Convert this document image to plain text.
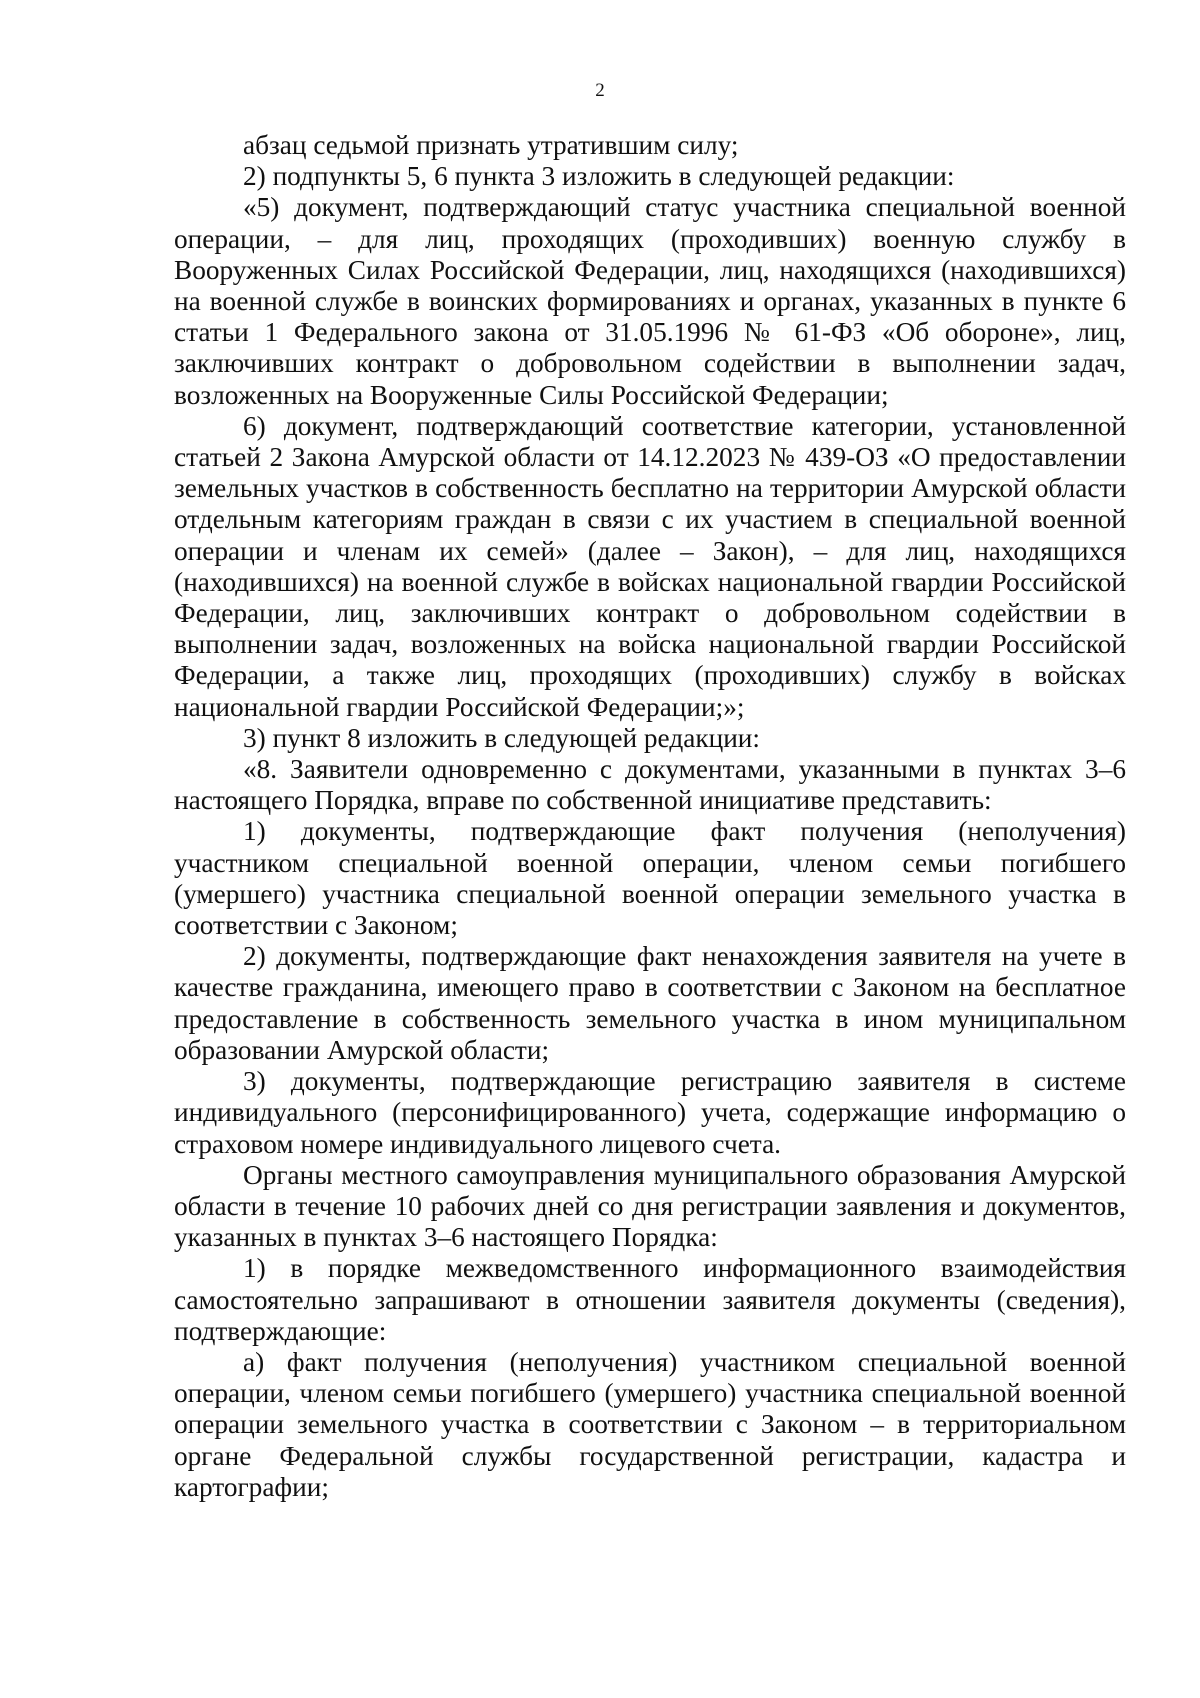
2

абзац седьмой признать утратившим силу;

2) подпункты 5, 6 пункта 3 изложить в следующей редакции:

«5) документ, подтверждающий статус участника специальной военной операции, – для лиц, проходящих (проходивших) военную службу в Вооруженных Силах Российской Федерации, лиц, находящихся (находившихся) на военной службе в воинских формированиях и органах, указанных в пункте 6 статьи 1 Федерального закона от 31.05.1996 № 61-ФЗ «Об обороне», лиц, заключивших контракт о добровольном содействии в выполнении задач, возложенных на Вооруженные Силы Российской Федерации;

6) документ, подтверждающий соответствие категории, установленной статьей 2 Закона Амурской области от 14.12.2023 № 439-ОЗ «О предоставлении земельных участков в собственность бесплатно на территории Амурской области отдельным категориям граждан в связи с их участием в специальной военной операции и членам их семей» (далее – Закон), – для лиц, находящихся (находившихся) на военной службе в войсках национальной гвардии Российской Федерации, лиц, заключивших контракт о добровольном содействии в выполнении задач, возложенных на войска национальной гвардии Российской Федерации, а также лиц, проходящих (проходивших) службу в войсках национальной гвардии Российской Федерации;»;

3) пункт 8 изложить в следующей редакции:

«8. Заявители одновременно с документами, указанными в пунктах 3–6 настоящего Порядка, вправе по собственной инициативе представить:

1) документы, подтверждающие факт получения (неполучения) участником специальной военной операции, членом семьи погибшего (умершего) участника специальной военной операции земельного участка в соответствии с Законом;

2) документы, подтверждающие факт ненахождения заявителя на учете в качестве гражданина, имеющего право в соответствии с Законом на бесплатное предоставление в собственность земельного участка в ином муниципальном образовании Амурской области;

3) документы, подтверждающие регистрацию заявителя в системе индивидуального (персонифицированного) учета, содержащие информацию о страховом номере индивидуального лицевого счета.

Органы местного самоуправления муниципального образования Амурской области в течение 10 рабочих дней со дня регистрации заявления и документов, указанных в пунктах 3–6 настоящего Порядка:

1) в порядке межведомственного информационного взаимодействия самостоятельно запрашивают в отношении заявителя документы (сведения), подтверждающие:

а) факт получения (неполучения) участником специальной военной операции, членом семьи погибшего (умершего) участника специальной военной операции земельного участка в соответствии с Законом – в территориальном органе Федеральной службы государственной регистрации, кадастра и картографии;
